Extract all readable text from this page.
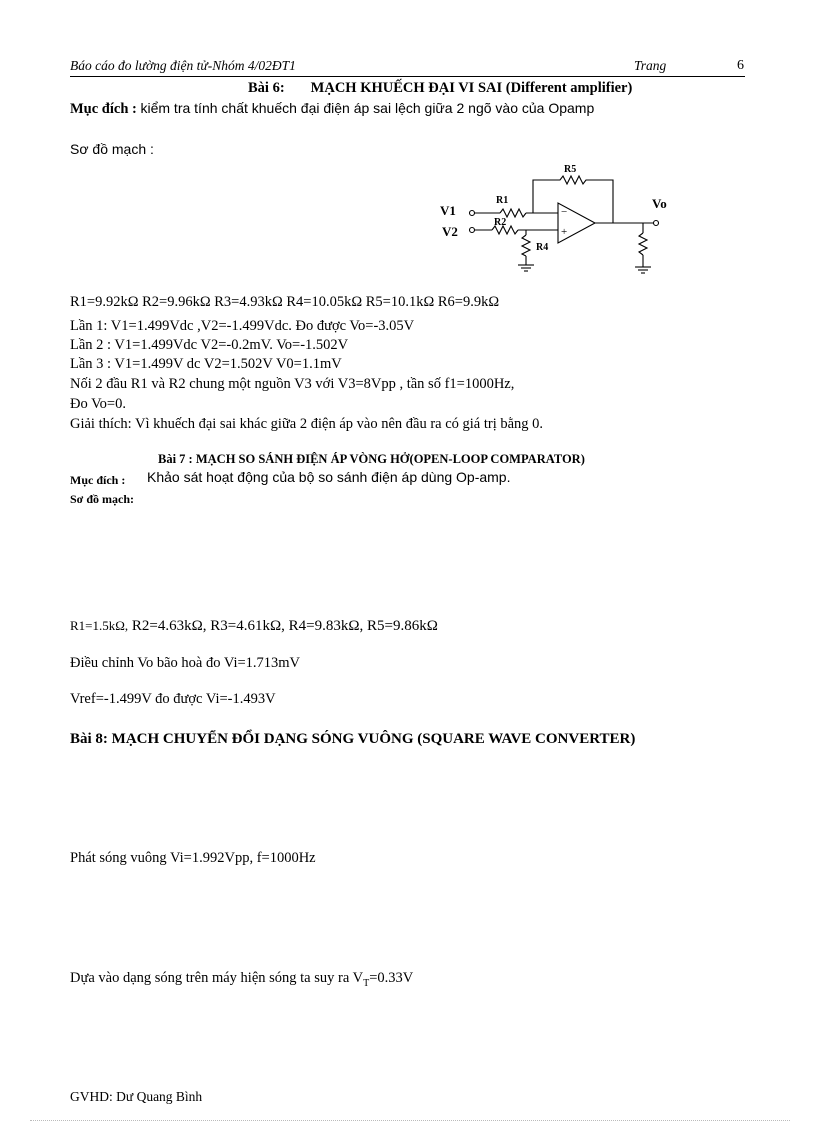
Báo cáo đo lường điện tử-Nhóm 4/02ĐT1	Trang	6
Bài 6: MẠCH KHUẾCH ĐẠI VI SAI (Different amplifier)
Mục đích : kiểm tra tính chất khuếch đại điện áp sai lệch giữa 2 ngõ vào của Opamp
Sơ đồ mạch :
−
+
R5
R1
R2
R4
V1
V2
Vo
R1=9.92kΩ R2=9.96kΩ R3=4.93kΩ R4=10.05kΩ R5=10.1kΩ R6=9.9kΩ
Lần 1: V1=1.499Vdc ,V2=-1.499Vdc. Đo được Vo=-3.05V
Lần 2 : V1=1.499Vdc V2=-0.2mV. Vo=-1.502V
Lần 3 : V1=1.499V dc V2=1.502V V0=1.1mV
Nối 2 đầu R1 và R2 chung một nguồn V3 với V3=8Vpp , tần số f1=1000Hz,
Đo Vo=0.
Giải thích: Vì khuếch đại sai khác giữa 2 điện áp vào nên đầu ra có giá trị bằng 0.
Bài 7 : MẠCH SO SÁNH ĐIỆN ÁP VÒNG HỞ(OPEN-LOOP COMPARATOR)
Mục đích : Khảo sát hoạt động của bộ so sánh điện áp dùng Op-amp.
Sơ đồ mạch:
R1=1.5kΩ, R2=4.63kΩ, R3=4.61kΩ, R4=9.83kΩ, R5=9.86kΩ
Điều chỉnh Vo bão hoà đo Vi=1.713mV
Vref=-1.499V đo được Vi=-1.493V
Bài 8: MẠCH CHUYỂN ĐỔI DẠNG SÓNG VUÔNG (SQUARE WAVE CONVERTER)
Phát sóng vuông Vi=1.992Vpp, f=1000Hz
Dựa vào dạng sóng trên máy hiện sóng ta suy ra $V_T=0.33V$
GVHD: Dư Quang Bình
